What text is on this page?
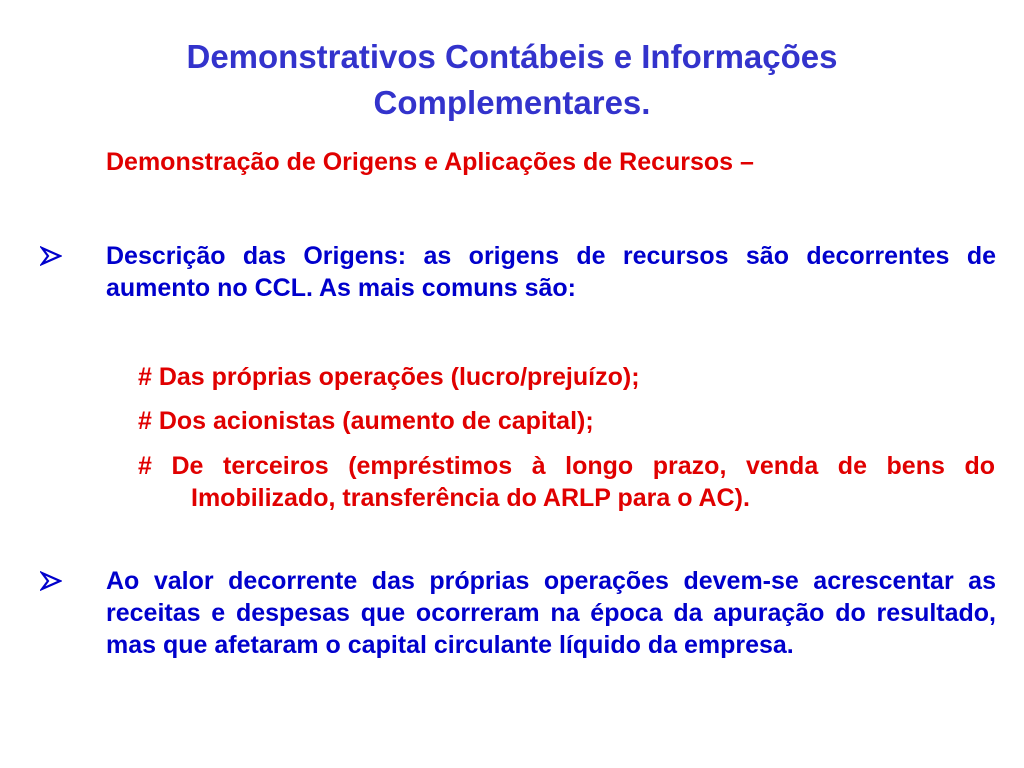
Demonstrativos Contábeis e Informações Complementares.
Demonstração de Origens e Aplicações de Recursos –
Descrição das Origens: as origens de recursos são decorrentes de aumento no CCL. As mais comuns são:
# Das próprias operações (lucro/prejuízo);
# Dos acionistas (aumento de capital);
# De terceiros (empréstimos à longo prazo, venda de bens do Imobilizado, transferência do ARLP para o AC).
Ao valor decorrente das próprias operações devem-se acrescentar as receitas e despesas que ocorreram na época da apuração do resultado, mas que afetaram o capital circulante líquido da empresa.
